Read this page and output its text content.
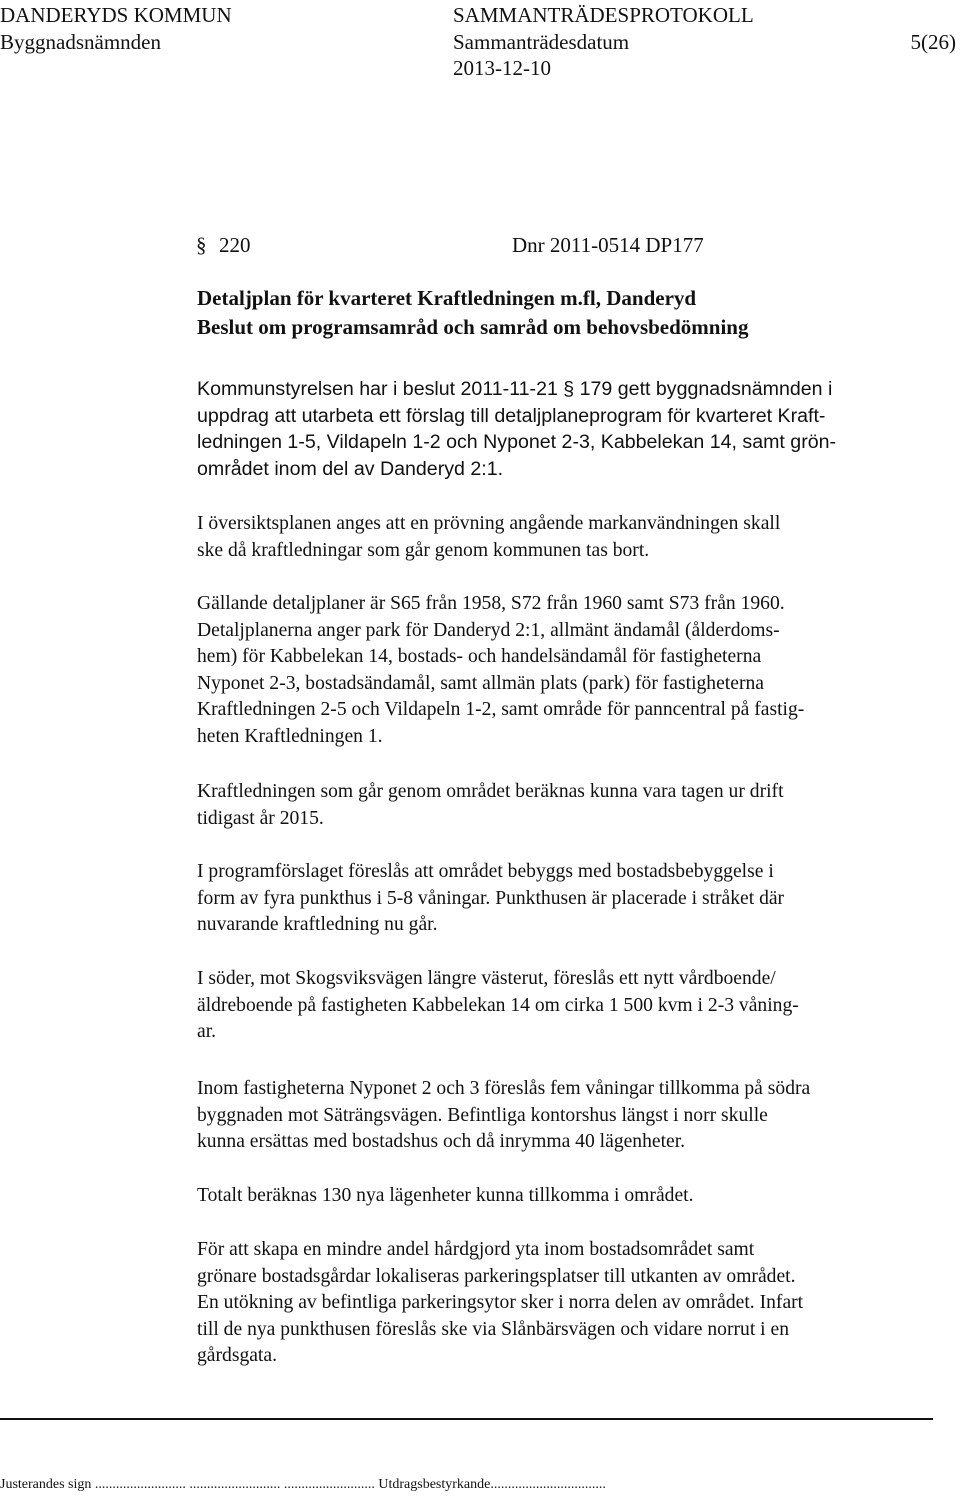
DANDERYDS KOMMUN	SAMMANTRÄDESPROTOKOLL
Byggnadsnämnden	Sammanträdesdatum	5(26)
2013-12-10
§ 220	Dnr 2011-0514 DP177
Detaljplan för kvarteret Kraftledningen m.fl, Danderyd
Beslut om programsamråd och samråd om behovsbedömning
Kommunstyrelsen har i beslut 2011-11-21 § 179 gett byggnadsnämnden i
uppdrag att utarbeta ett förslag till detaljplaneprogram för kvarteret Kraft-
ledningen 1-5, Vildapeln 1-2 och Nyponet 2-3, Kabbelekan 14, samt grön-
området inom del av Danderyd 2:1.
I översiktsplanen anges att en prövning angående markanvändningen skall
ske då kraftledningar som går genom kommunen tas bort.
Gällande detaljplaner är S65 från 1958, S72 från 1960 samt S73 från 1960.
Detaljplanerna anger park för Danderyd 2:1, allmänt ändamål (ålderdoms-
hem) för Kabbelekan 14, bostads- och handelsändamål för fastigheterna
Nyponet 2-3, bostadsändamål, samt allmän plats (park) för fastigheterna
Kraftledningen 2-5 och Vildapeln 1-2, samt område för panncentral på fastig-
heten Kraftledningen 1.
Kraftledningen som går genom området beräknas kunna vara tagen ur drift
tidigast år 2015.
I programförslaget föreslås att området bebyggs med bostadsbebyggelse i
form av fyra punkthus i 5-8 våningar. Punkthusen är placerade i stråket där
nuvarande kraftledning nu går.
I söder, mot Skogsviksvägen längre västerut, föreslås ett nytt vårdboende/
äldreboende på fastigheten Kabbelekan 14 om cirka 1 500 kvm i 2-3 våning-
ar.
Inom fastigheterna Nyponet 2 och 3 föreslås fem våningar tillkomma på södra
byggnaden mot Säträngsvägen. Befintliga kontorshus längst i norr skulle
kunna ersättas med bostadshus och då inrymma 40 lägenheter.
Totalt beräknas 130 nya lägenheter kunna tillkomma i området.
För att skapa en mindre andel hårdgjord yta inom bostadsområdet samt
grönare bostadsgårdar lokaliseras parkeringsplatser till utkanten av området.
En utökning av befintliga parkeringsytor sker i norra delen av området. Infart
till de nya punkthusen föreslås ske via Slånbärsvägen och vidare norrut i en
gårdsgata.
Justerandes sign .......................... .......................... .......................... Utdragsbestyrkande.................................
